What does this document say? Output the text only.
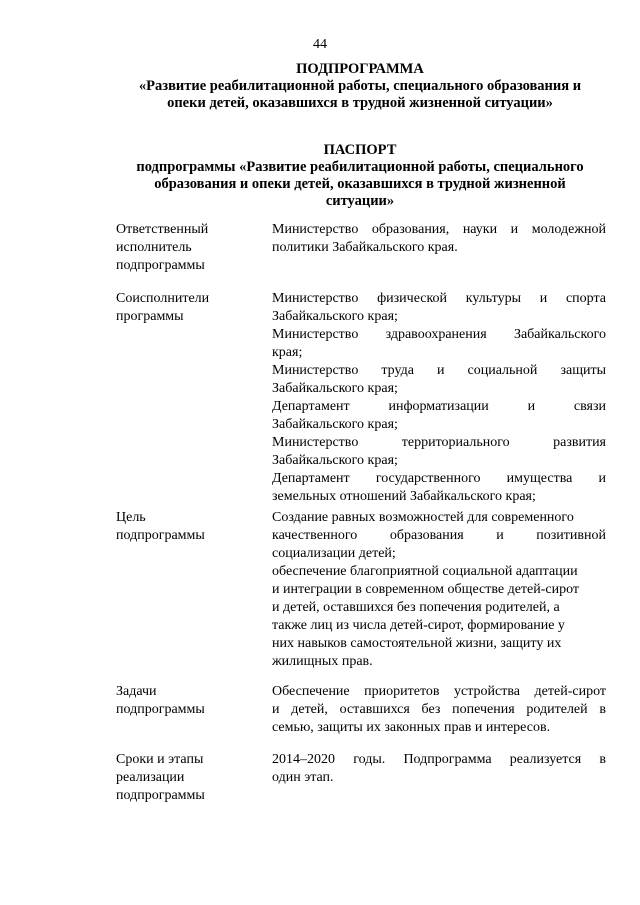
44
ПОДПРОГРАММА
«Развитие реабилитационной работы, специального образования и
опеки детей, оказавшихся в трудной жизненной ситуации»
ПАСПОРТ
подпрограммы «Развитие реабилитационной работы, специального
образования и опеки детей, оказавшихся в трудной жизненной
ситуации»
Ответственный
исполнитель
подпрограммы
Министерство образования, науки и молодежной
политики Забайкальского края.
Соисполнители
программы
Министерство физической культуры и спорта
Забайкальского края;
Министерство здравоохранения Забайкальского
края;
Министерство труда и социальной защиты
Забайкальского края;
Департамент информатизации и связи
Забайкальского края;
Министерство территориального развития
Забайкальского края;
Департамент государственного имущества и
земельных отношений Забайкальского края;
Цель
подпрограммы
Создание равных возможностей для современного
качественного образования и позитивной
социализации детей;
обеспечение благоприятной социальной адаптации
и интеграции в современном обществе детей-сирот
и детей, оставшихся без попечения родителей, а
также лиц из числа детей-сирот, формирование у
них навыков самостоятельной жизни, защиту их
жилищных прав.
Задачи
подпрограммы
Обеспечение приоритетов устройства детей-сирот
и детей, оставшихся без попечения родителей в
семью, защиты их законных прав и интересов.
Сроки и этапы
реализации
подпрограммы
2014–2020 годы. Подпрограмма реализуется в
один этап.
